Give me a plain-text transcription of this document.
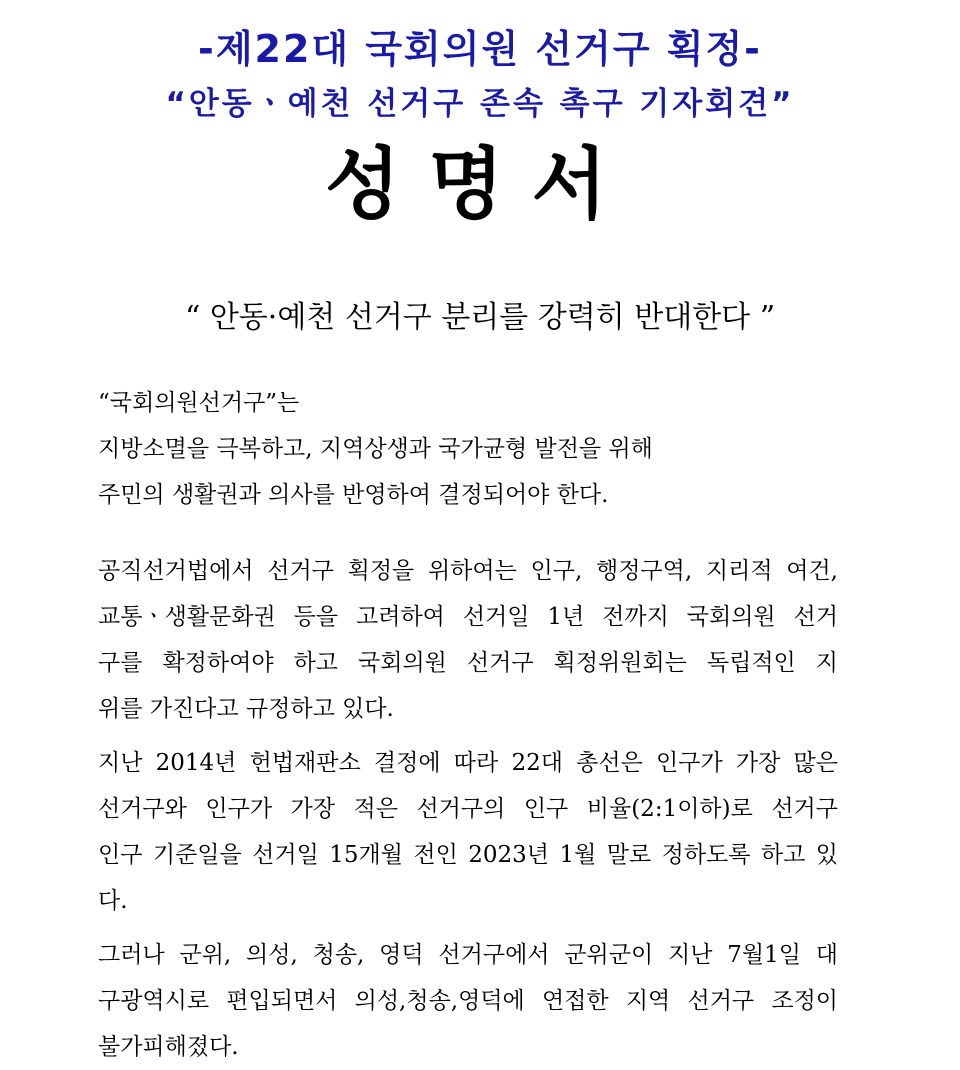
-제22대 국회의원 선거구 획정-
“안동ㆍ예천 선거구 존속 촉구 기자회견”
성명서
“ 안동·예천 선거구 분리를 강력히 반대한다 ”
“국회의원선거구”는
지방소멸을 극복하고, 지역상생과 국가균형 발전을 위해
주민의 생활권과 의사를 반영하여 결정되어야 한다.
공직선거법에서 선거구 획정을 위하여는 인구, 행정구역, 지리적 여건,
교통ㆍ생활문화권 등을 고려하여 선거일 1년 전까지 국회의원 선거
구를 확정하여야 하고 국회의원 선거구 획정위원회는 독립적인 지
위를 가진다고 규정하고 있다.
지난 2014년 헌법재판소 결정에 따라 22대 총선은 인구가 가장 많은
선거구와 인구가 가장 적은 선거구의 인구 비율(2:1이하)로 선거구
인구 기준일을 선거일 15개월 전인 2023년 1월 말로 정하도록 하고 있
다.
그러나 군위, 의성, 청송, 영덕 선거구에서 군위군이 지난 7월1일 대
구광역시로 편입되면서 의성,청송,영덕에 연접한 지역 선거구 조정이
불가피해졌다.
